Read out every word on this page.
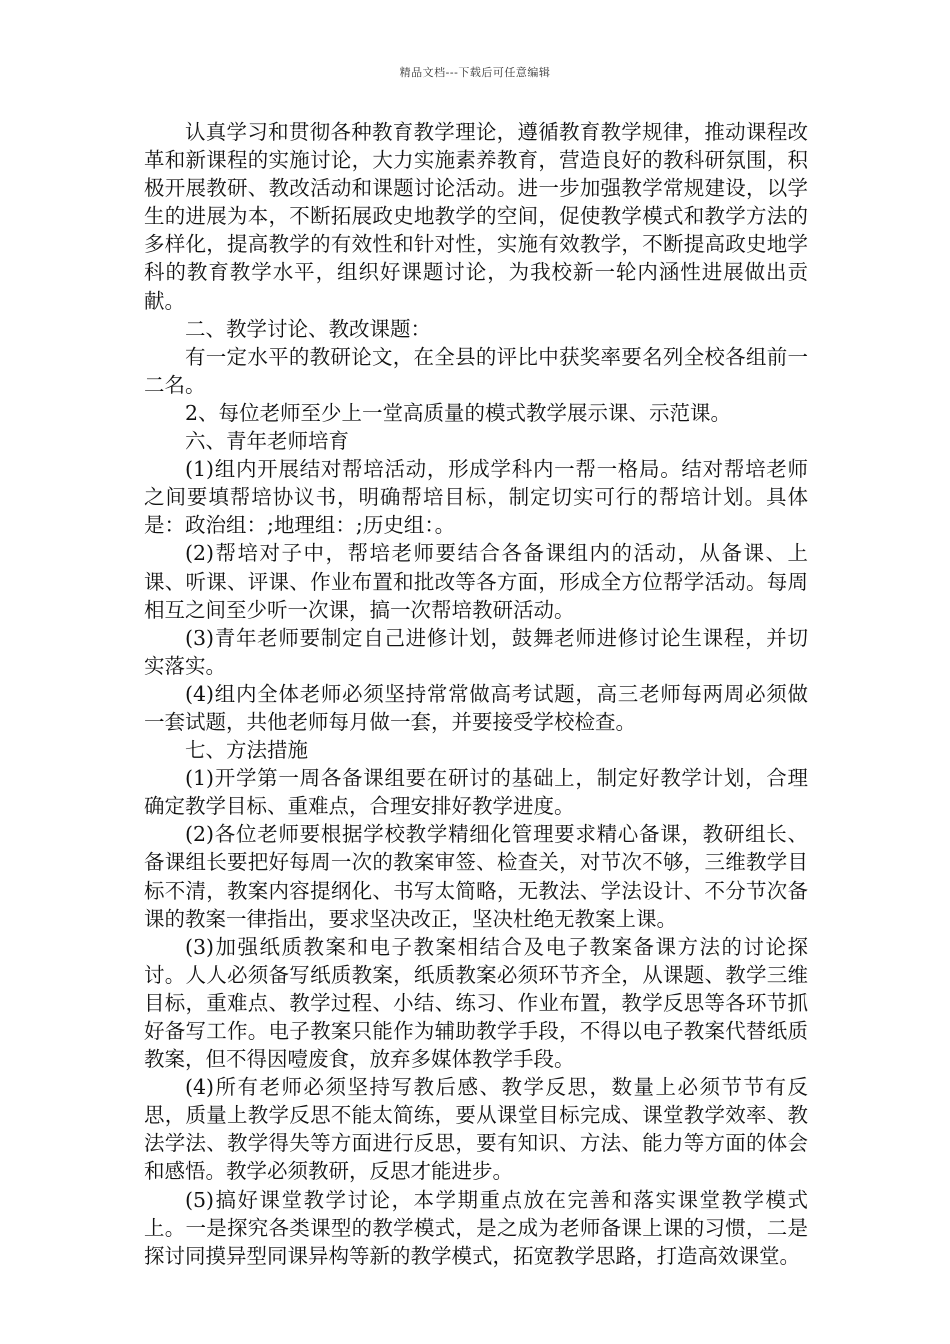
精品文档---下载后可任意编辑

认真学习和贯彻各种教育教学理论，遵循教育教学规律，推动课程改革和新课程的实施讨论，大力实施素养教育，营造良好的教科研氛围，积极开展教研、教改活动和课题讨论活动。进一步加强教学常规建设，以学生的进展为本，不断拓展政史地教学的空间，促使教学模式和教学方法的多样化，提高教学的有效性和针对性，实施有效教学，不断提高政史地学科的教育教学水平，组织好课题讨论，为我校新一轮内涵性进展做出贡献。

二、教学讨论、教改课题：

有一定水平的教研论文，在全县的评比中获奖率要名列全校各组前一二名。

2、每位老师至少上一堂高质量的模式教学展示课、示范课。

六、青年老师培育

(1)组内开展结对帮培活动，形成学科内一帮一格局。结对帮培老师之间要填帮培协议书，明确帮培目标，制定切实可行的帮培计划。具体是：政治组：;地理组：;历史组：。

(2)帮培对子中，帮培老师要结合各备课组内的活动，从备课、上课、听课、评课、作业布置和批改等各方面，形成全方位帮学活动。每周相互之间至少听一次课，搞一次帮培教研活动。

(3)青年老师要制定自己进修计划，鼓舞老师进修讨论生课程，并切实落实。

(4)组内全体老师必须坚持常常做高考试题，高三老师每两周必须做一套试题，共他老师每月做一套，并要接受学校检查。

七、方法措施

(1)开学第一周各备课组要在研讨的基础上，制定好教学计划，合理确定教学目标、重难点，合理安排好教学进度。

(2)各位老师要根据学校教学精细化管理要求精心备课，教研组长、备课组长要把好每周一次的教案审签、检查关，对节次不够，三维教学目标不清，教案内容提纲化、书写太简略，无教法、学法设计、不分节次备课的教案一律指出，要求坚决改正，坚决杜绝无教案上课。

(3)加强纸质教案和电子教案相结合及电子教案备课方法的讨论探讨。人人必须备写纸质教案，纸质教案必须环节齐全，从课题、教学三维目标，重难点、教学过程、小结、练习、作业布置，教学反思等各环节抓好备写工作。电子教案只能作为辅助教学手段，不得以电子教案代替纸质教案，但不得因噎废食，放弃多媒体教学手段。

(4)所有老师必须坚持写教后感、教学反思，数量上必须节节有反思，质量上教学反思不能太简练，要从课堂目标完成、课堂教学效率、教法学法、教学得失等方面进行反思，要有知识、方法、能力等方面的体会和感悟。教学必须教研，反思才能进步。

(5)搞好课堂教学讨论，本学期重点放在完善和落实课堂教学模式上。一是探究各类课型的教学模式，是之成为老师备课上课的习惯，二是探讨同摸异型同课异构等新的教学模式，拓宽教学思路，打造高效课堂。
